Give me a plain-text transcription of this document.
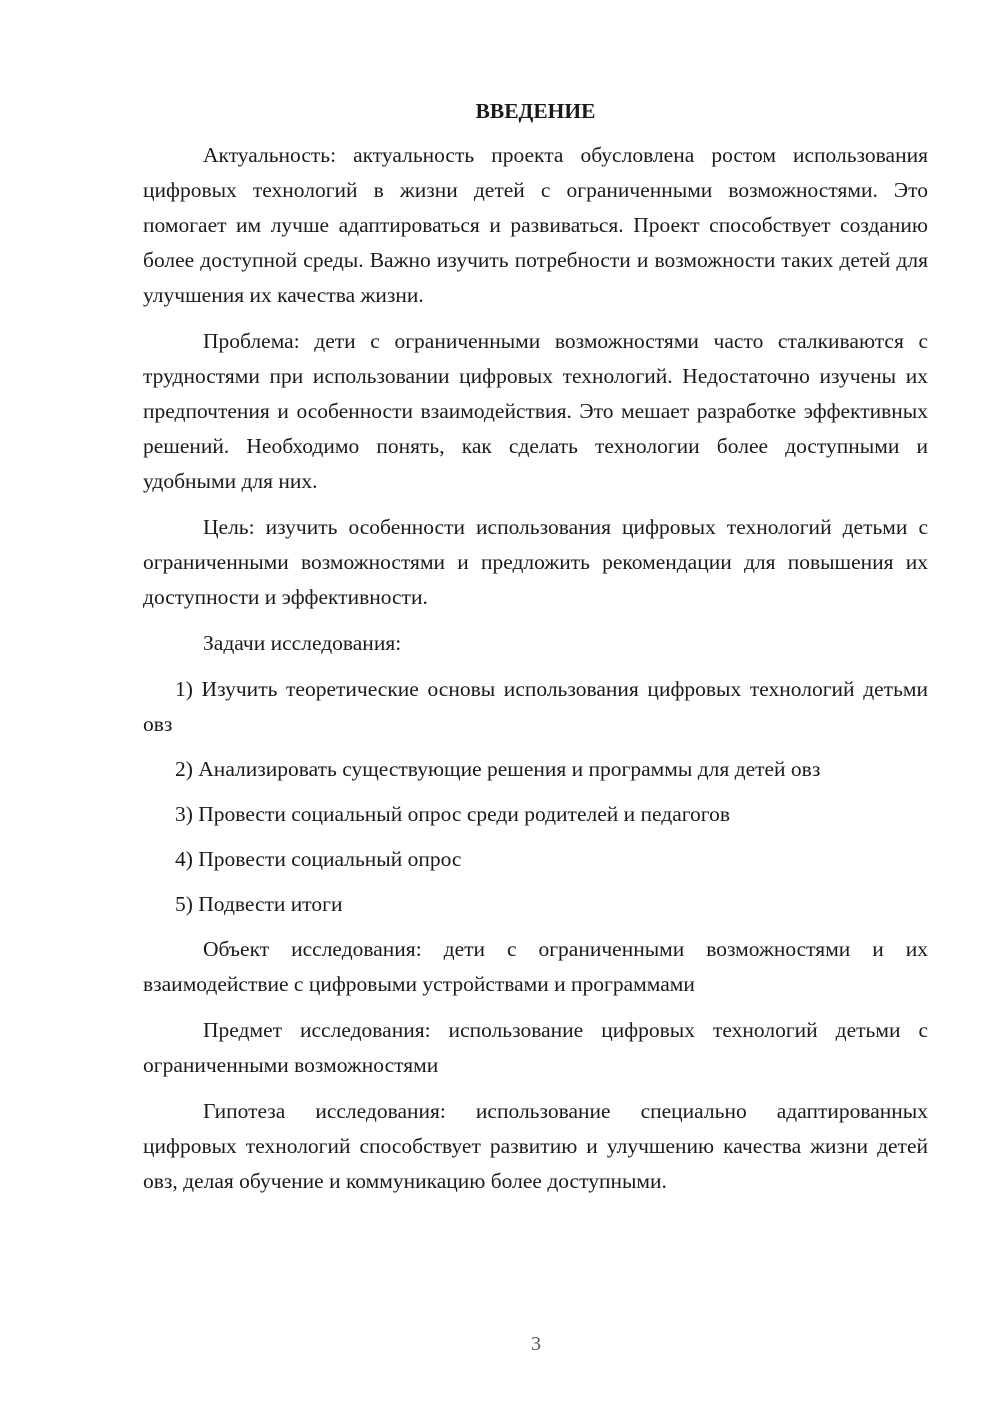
ВВЕДЕНИЕ

Актуальность: актуальность проекта обусловлена ростом использования цифровых технологий в жизни детей с ограниченными возможностями. Это помогает им лучше адаптироваться и развиваться. Проект способствует созданию более доступной среды. Важно изучить потребности и возможности таких детей для улучшения их качества жизни.

Проблема: дети с ограниченными возможностями часто сталкиваются с трудностями при использовании цифровых технологий. Недостаточно изучены их предпочтения и особенности взаимодействия. Это мешает разработке эффективных решений. Необходимо понять, как сделать технологии более доступными и удобными для них.

Цель: изучить особенности использования цифровых технологий детьми с ограниченными возможностями и предложить рекомендации для повышения их доступности и эффективности.

Задачи исследования:

1) Изучить теоретические основы использования цифровых технологий детьми овз

2) Анализировать существующие решения и программы для детей овз

3) Провести социальный опрос среди родителей и педагогов

4) Провести социальный опрос

5) Подвести итоги

Объект исследования: дети с ограниченными возможностями и их взаимодействие с цифровыми устройствами и программами

Предмет исследования: использование цифровых технологий детьми с ограниченными возможностями

Гипотеза исследования: использование специально адаптированных цифровых технологий способствует развитию и улучшению качества жизни детей овз, делая обучение и коммуникацию более доступными.

3
